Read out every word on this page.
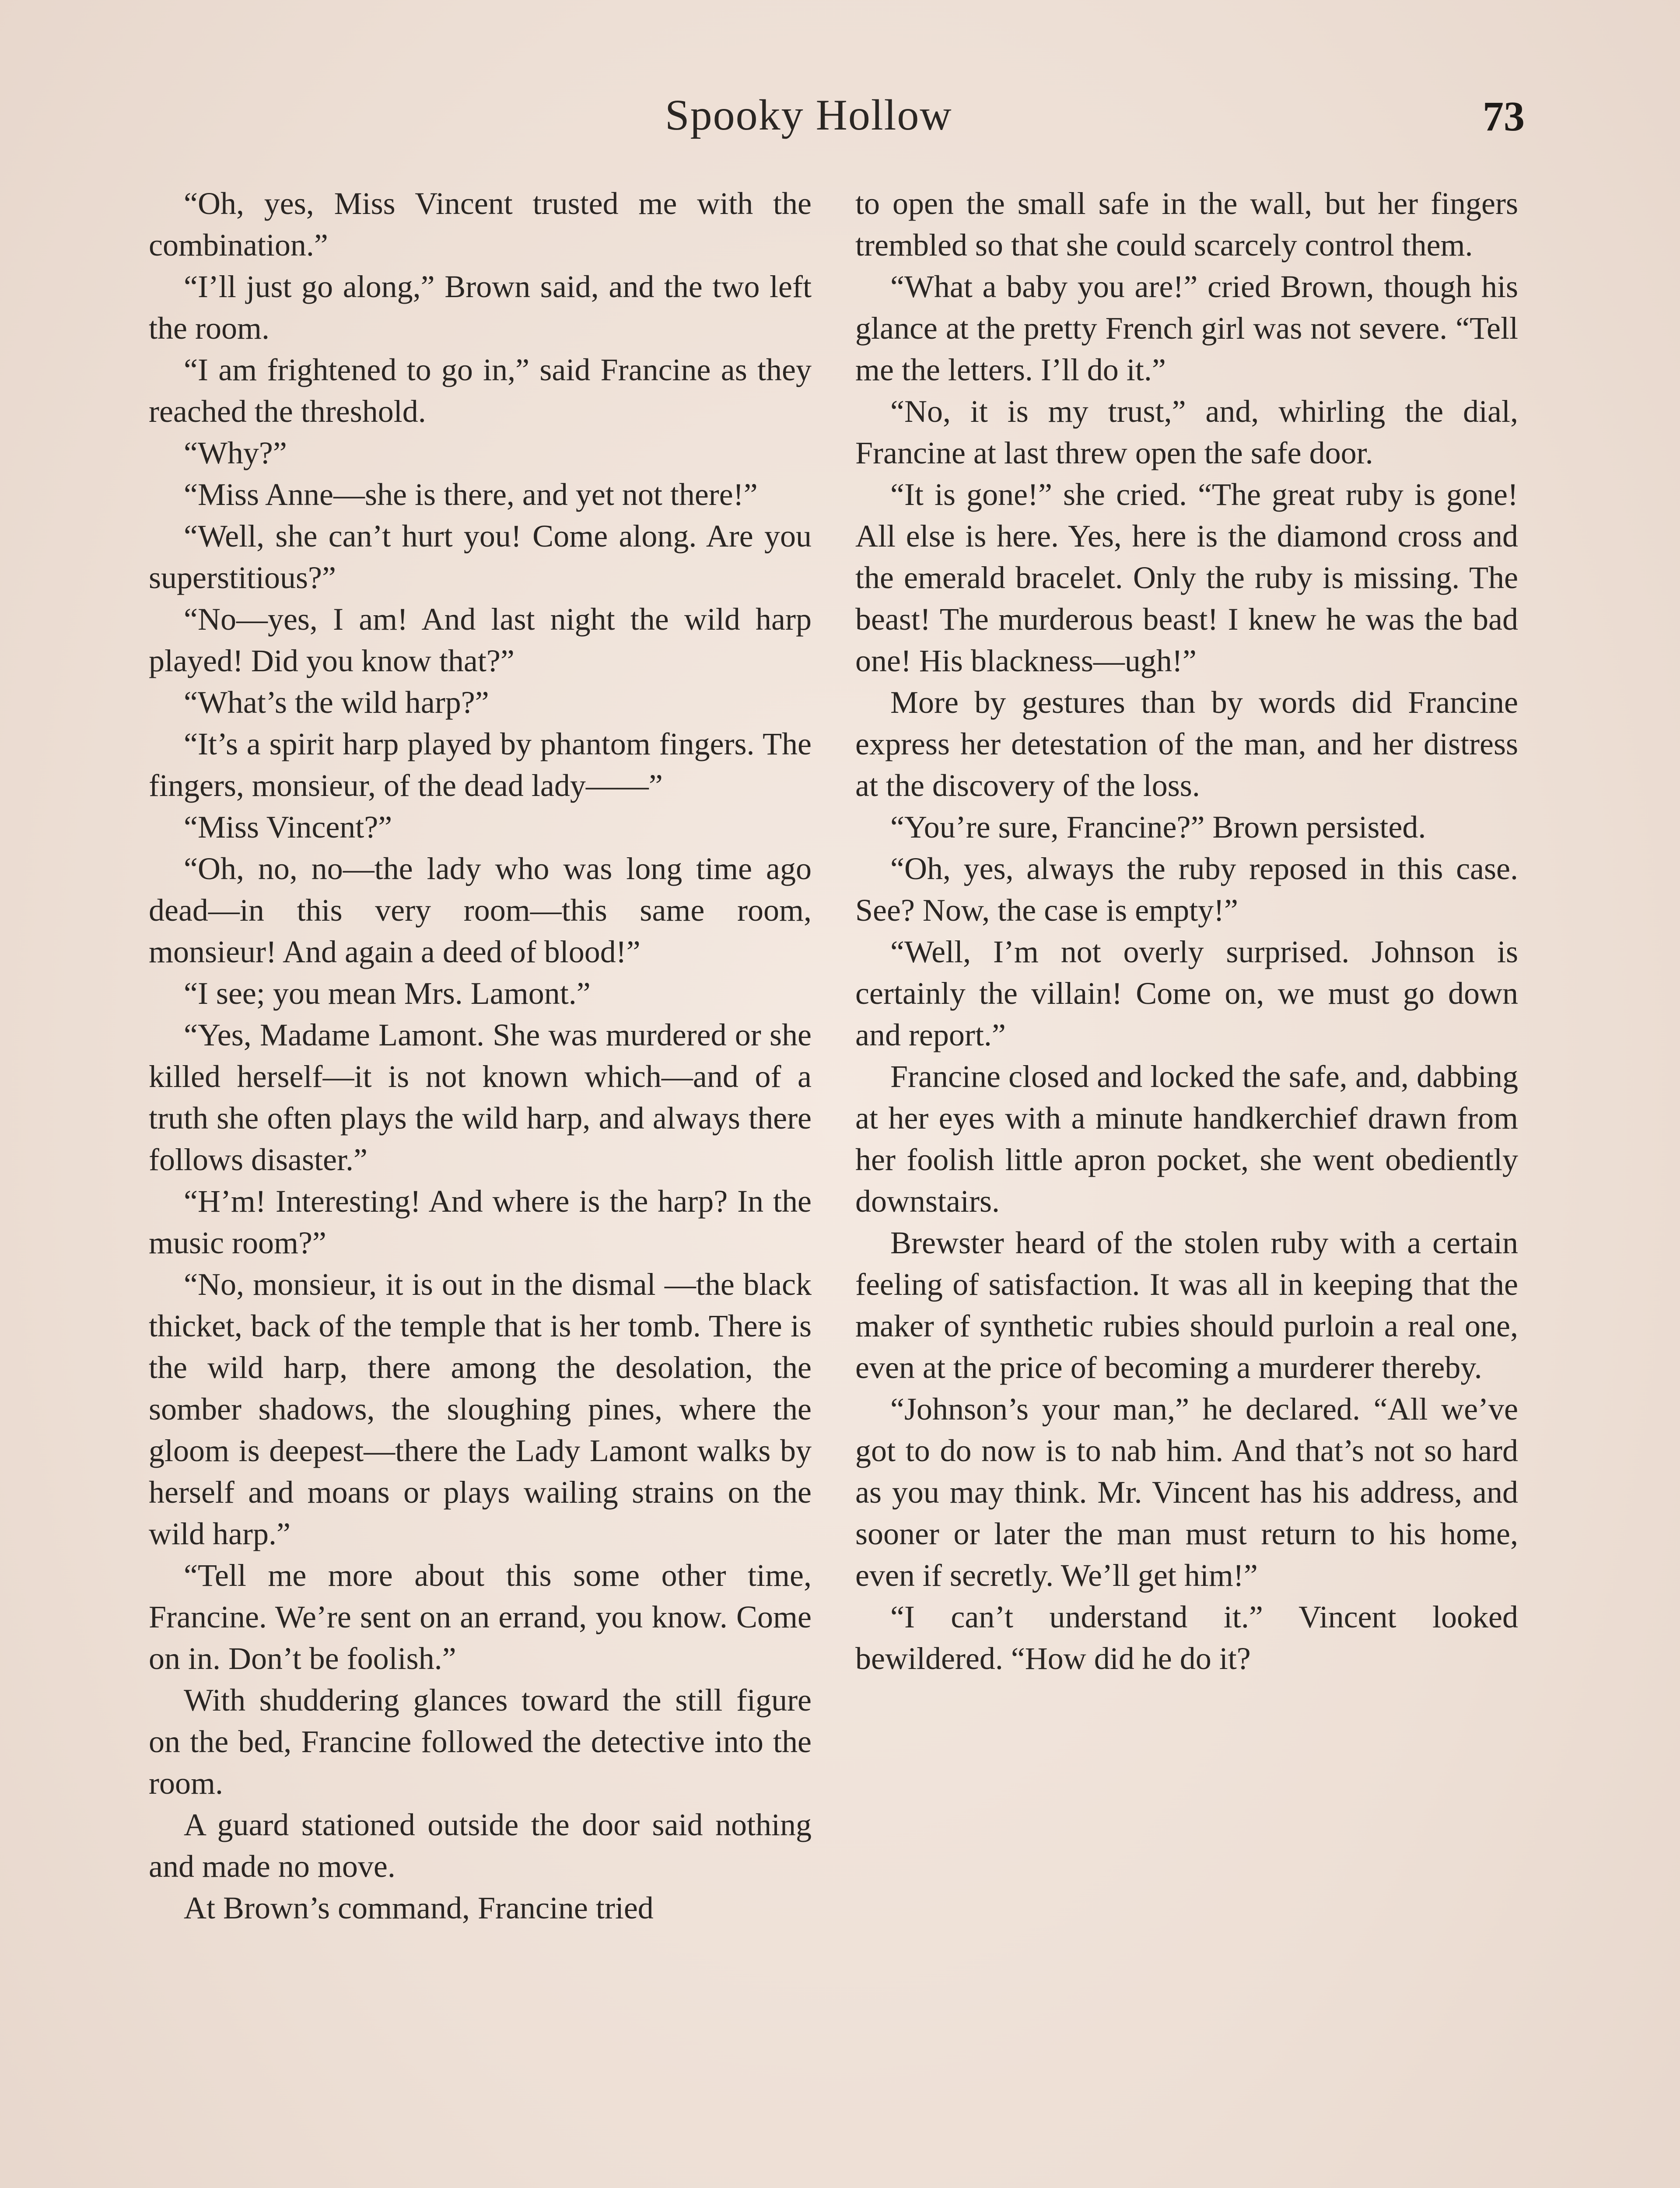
Spooky Hollow	73

“Oh, yes, Miss Vincent trusted me with the combination.”

“I’ll just go along,” Brown said, and the two left the room.

“I am frightened to go in,” said Francine as they reached the threshold.

“Why?”

“Miss Anne—she is there, and yet not there!”

“Well, she can’t hurt you! Come along. Are you superstitious?”

“No—yes, I am! And last night the wild harp played! Did you know that?”

“What’s the wild harp?”

“It’s a spirit harp played by phantom fingers. The fingers, monsieur, of the dead lady——”

“Miss Vincent?”

“Oh, no, no—the lady who was long time ago dead—in this very room—this same room, monsieur! And again a deed of blood!”

“I see; you mean Mrs. Lamont.”

“Yes, Madame Lamont. She was murdered or she killed herself—it is not known which—and of a truth she often plays the wild harp, and always there follows disaster.”

“H’m! Interesting! And where is the harp? In the music room?”

“No, monsieur, it is out in the dismal —the black thicket, back of the temple that is her tomb. There is the wild harp, there among the desolation, the somber shadows, the sloughing pines, where the gloom is deepest—there the Lady Lamont walks by herself and moans or plays wailing strains on the wild harp.”

“Tell me more about this some other time, Francine. We’re sent on an errand, you know. Come on in. Don’t be foolish.”

With shuddering glances toward the still figure on the bed, Francine followed the detective into the room.

A guard stationed outside the door said nothing and made no move.

At Brown’s command, Francine tried

to open the small safe in the wall, but her fingers trembled so that she could scarcely control them.

“What a baby you are!” cried Brown, though his glance at the pretty French girl was not severe. “Tell me the letters. I’ll do it.”

“No, it is my trust,” and, whirling the dial, Francine at last threw open the safe door.

“It is gone!” she cried. “The great ruby is gone! All else is here. Yes, here is the diamond cross and the emerald bracelet. Only the ruby is missing. The beast! The murderous beast! I knew he was the bad one! His blackness—ugh!”

More by gestures than by words did Francine express her detestation of the man, and her distress at the discovery of the loss.

“You’re sure, Francine?” Brown persisted.

“Oh, yes, always the ruby reposed in this case. See? Now, the case is empty!”

“Well, I’m not overly surprised. Johnson is certainly the villain! Come on, we must go down and report.”

Francine closed and locked the safe, and, dabbing at her eyes with a minute handkerchief drawn from her foolish little apron pocket, she went obediently downstairs.

Brewster heard of the stolen ruby with a certain feeling of satisfaction. It was all in keeping that the maker of synthetic rubies should purloin a real one, even at the price of becoming a murderer thereby.

“Johnson’s your man,” he declared. “All we’ve got to do now is to nab him. And that’s not so hard as you may think. Mr. Vincent has his address, and sooner or later the man must return to his home, even if secretly. We’ll get him!”

“I can’t understand it.” Vincent looked bewildered. “How did he do it?
